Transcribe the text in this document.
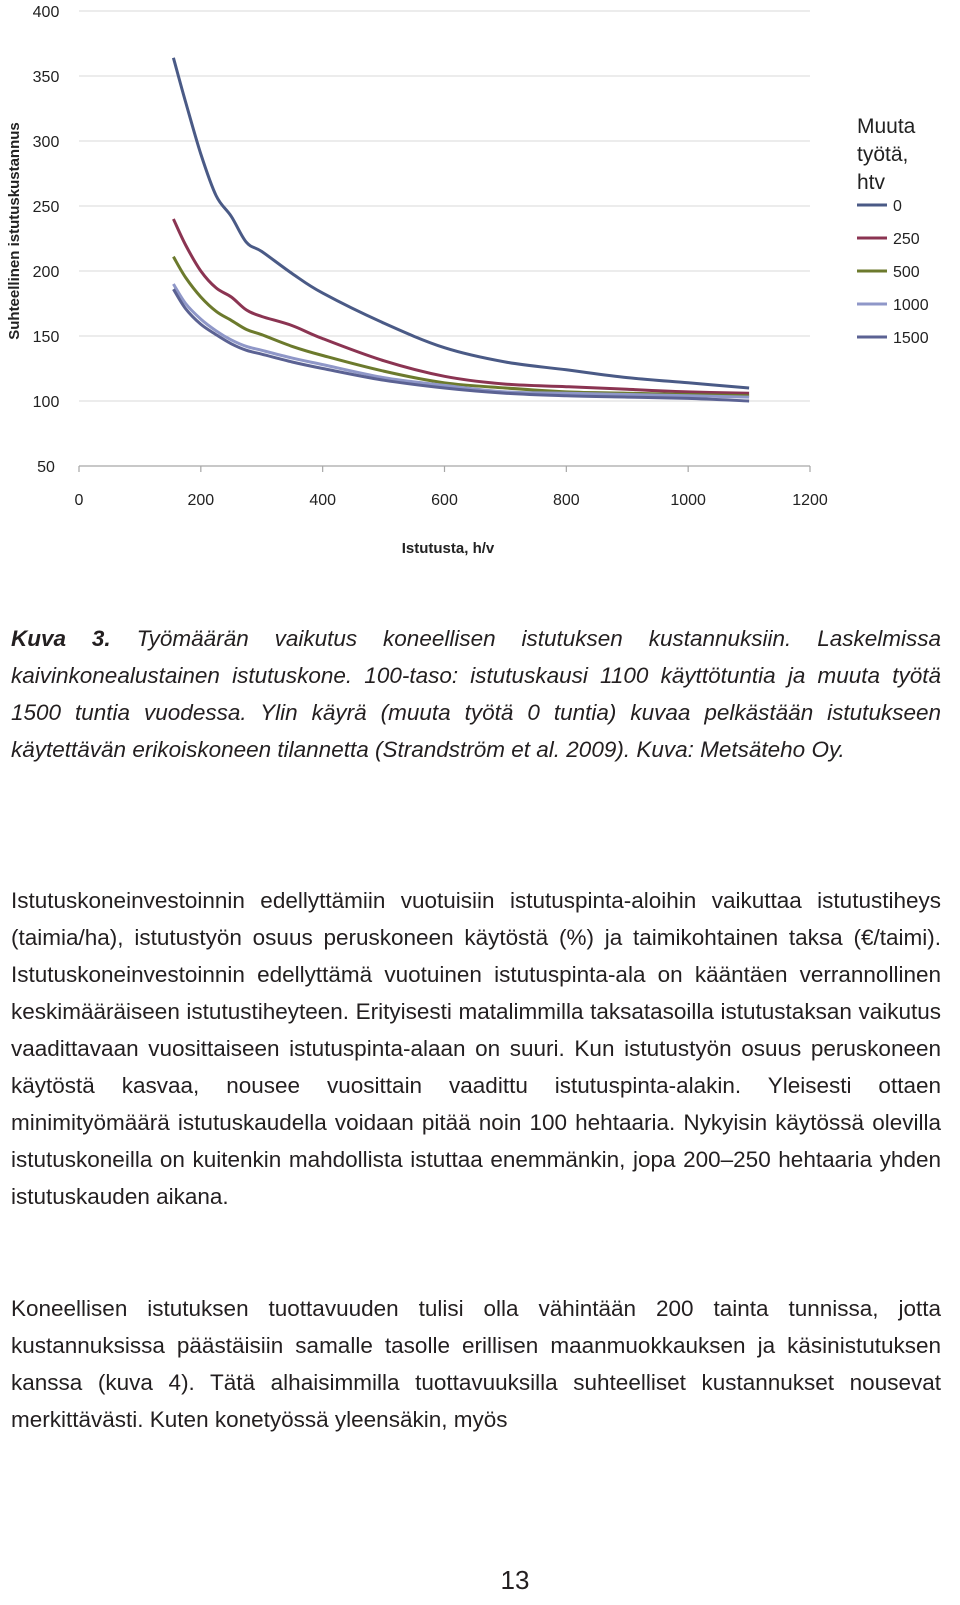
50
100
150
200
250
300
350
400
0	200	400	600	800	1000	1200
Suhteellinen istutuskustannus
Istutusta, h/v
Muuta työtä, htv
0
250
500
1000
1500

Kuva 3. Työmäärän vaikutus koneellisen istutuksen kustannuksiin. Laskelmissa kaivinkonealustainen istutuskone. 100-taso: istutuskausi 1100 käyttötuntia ja muuta työtä 1500 tuntia vuodessa. Ylin käyrä (muuta työtä 0 tuntia) kuvaa pelkästään istutukseen käytettävän erikoiskoneen tilannetta (Strandström et al. 2009). Kuva: Metsäteho Oy.

Istutuskoneinvestoinnin edellyttämiin vuotuisiin istutuspinta-aloihin vaikuttaa istutustiheys (taimia/ha), istutustyön osuus peruskoneen käytöstä (%) ja taimikohtainen taksa (€/taimi). Istutuskoneinvestoinnin edellyttämä vuotuinen istutuspinta-ala on kääntäen verrannollinen keskimääräiseen istutustiheyteen. Erityisesti matalimmilla taksatasoilla istutustaksan vaikutus vaadittavaan vuosittaiseen istutuspinta-alaan on suuri. Kun istutustyön osuus peruskoneen käytöstä kasvaa, nousee vuosittain vaadittu istutuspinta-alakin. Yleisesti ottaen minimityömäärä istutuskaudella voidaan pitää noin 100 hehtaaria. Nykyisin käytössä olevilla istutuskoneilla on kuitenkin mahdollista istuttaa enemmänkin, jopa 200–250 hehtaaria yhden istutuskauden aikana.

Koneellisen istutuksen tuottavuuden tulisi olla vähintään 200 tainta tunnissa, jotta kustannuksissa päästäisiin samalle tasolle erillisen maanmuokkauksen ja käsinistutuksen kanssa (kuva 4). Tätä alhaisimmilla tuottavuuksilla suhteelliset kustannukset nousevat merkittävästi. Kuten konetyössä yleensäkin, myös

13
